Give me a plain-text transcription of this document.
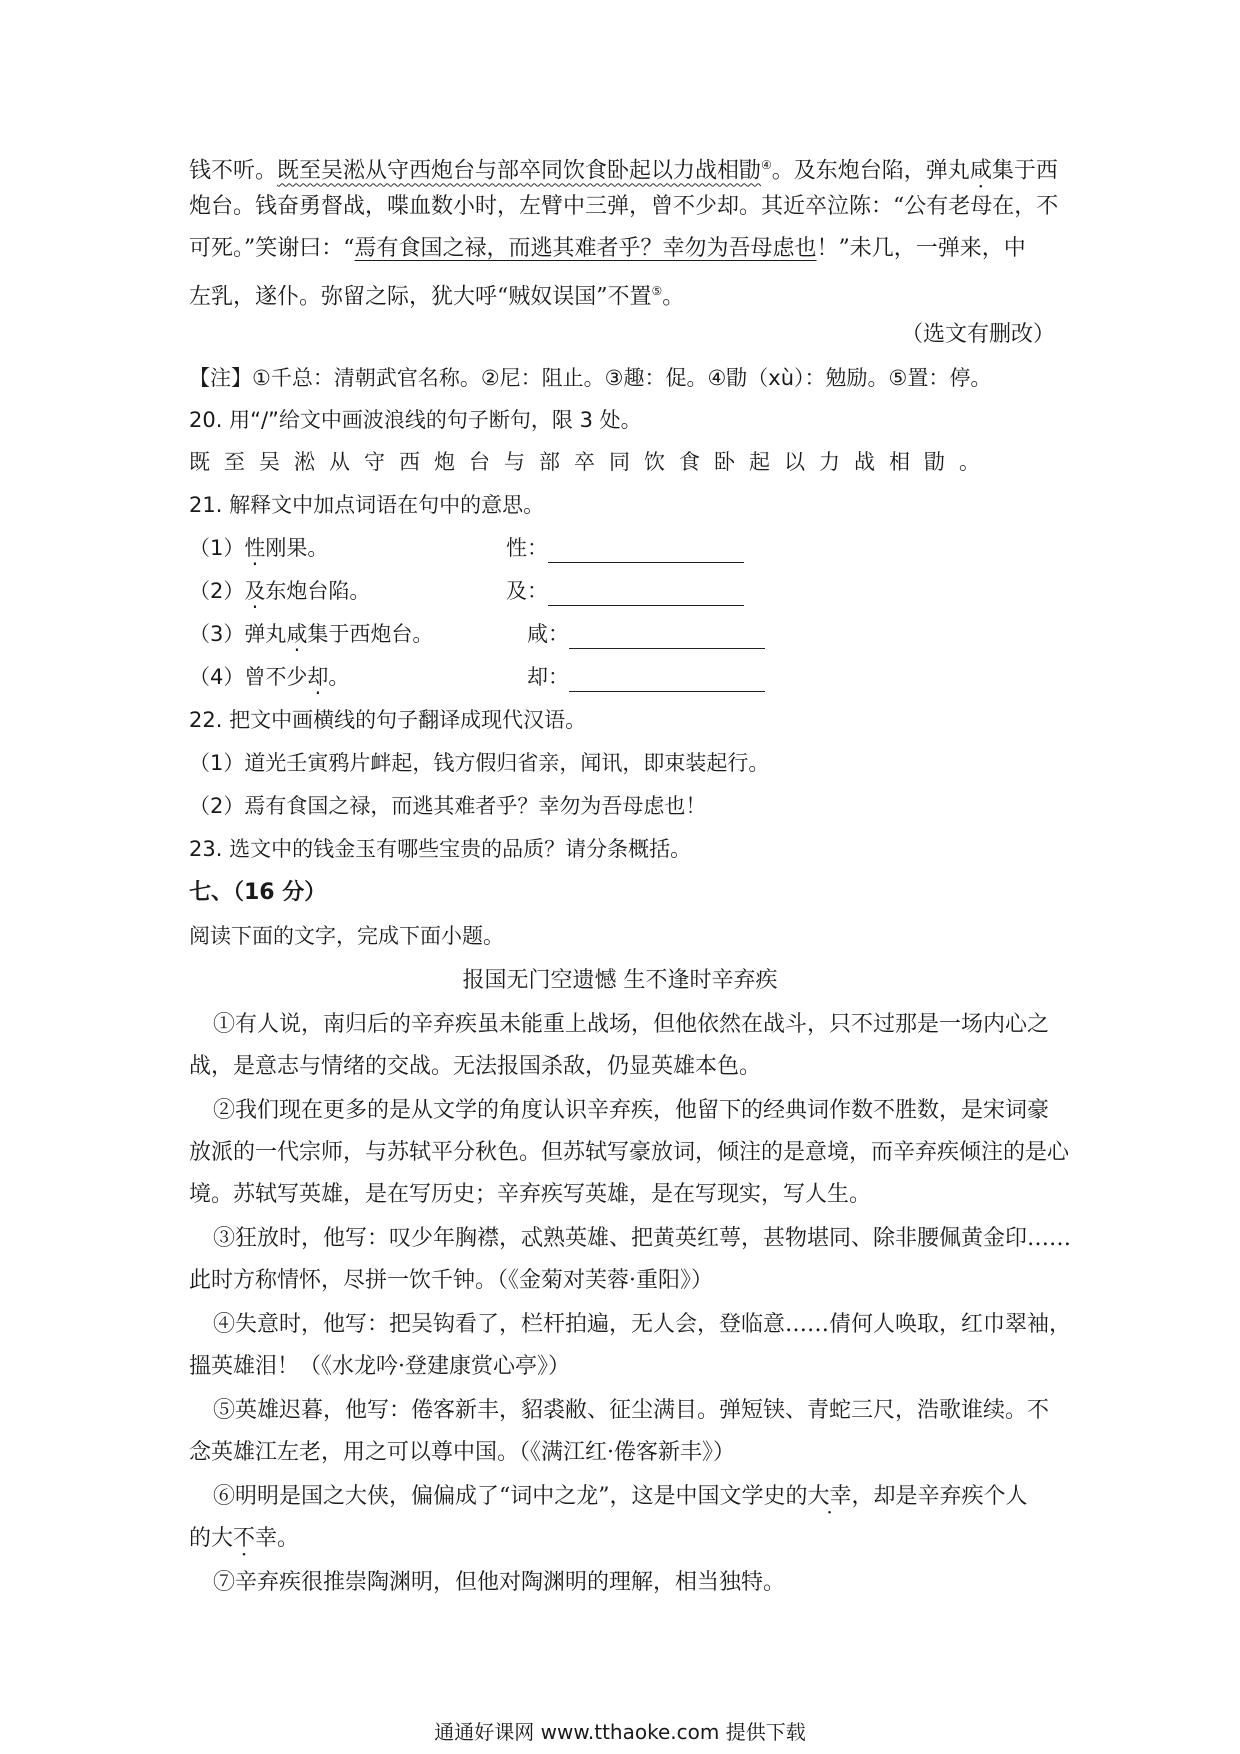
钱不听。既至吴淞从守西炮台与部卒同饮食卧起以力战相勖④。及东炮台陷，弹丸咸集于西
炮台。钱奋勇督战，喋血数小时，左臂中三弹，曾不少却。其近卒泣陈：“公有老母在，不
可死。”笑谢曰：“焉有食国之禄，而逃其难者乎？幸勿为吾母虑也！”未几，一弹来，中
左乳，遂仆。弥留之际，犹大呼“贼奴误国”不置⑤。
（选文有删改）
【注】①千总：清朝武官名称。②尼：阻止。③趣：促。④勖（xù）：勉励。⑤置：停。
20. 用“/”给文中画波浪线的句子断句，限 3 处。
既至吴淞从守西炮台与部卒同饮食卧起以力战相勖。
21. 解释文中加点词语在句中的意思。
（1）性刚果。	性：
（2）及东炮台陷。	及：
（3）弹丸咸集于西炮台。	咸：
（4）曾不少却。	却：
22. 把文中画横线的句子翻译成现代汉语。
（1）道光壬寅鸦片衅起，钱方假归省亲，闻讯，即束装起行。
（2）焉有食国之禄，而逃其难者乎？幸勿为吾母虑也！
23. 选文中的钱金玉有哪些宝贵的品质？请分条概括。
七、（16 分）
阅读下面的文字，完成下面小题。
报国无门空遗憾 生不逢时辛弃疾
①有人说，南归后的辛弃疾虽未能重上战场，但他依然在战斗，只不过那是一场内心之
战，是意志与情绪的交战。无法报国杀敌，仍显英雄本色。
②我们现在更多的是从文学的角度认识辛弃疾，他留下的经典词作数不胜数，是宋词豪
放派的一代宗师，与苏轼平分秋色。但苏轼写豪放词，倾注的是意境，而辛弃疾倾注的是心
境。苏轼写英雄，是在写历史；辛弃疾写英雄，是在写现实，写人生。
③狂放时，他写：叹少年胸襟，忒熟英雄、把黄英红萼，甚物堪同、除非腰佩黄金印……
此时方称情怀，尽拼一饮千钟。（《金菊对芙蓉·重阳》）
④失意时，他写：把吴钩看了，栏杆拍遍，无人会，登临意……倩何人唤取，红巾翠袖，
搵英雄泪！（《水龙吟·登建康赏心亭》）
⑤英雄迟暮，他写：倦客新丰，貂裘敝、征尘满目。弹短铗、青蛇三尺，浩歌谁续。不
念英雄江左老，用之可以尊中国。（《满江红·倦客新丰》）
⑥明明是国之大侠，偏偏成了“词中之龙”，这是中国文学史的大幸，却是辛弃疾个人
的大不幸。
⑦辛弃疾很推崇陶渊明，但他对陶渊明的理解，相当独特。
通通好课网 www.tthaoke.com 提供下载
